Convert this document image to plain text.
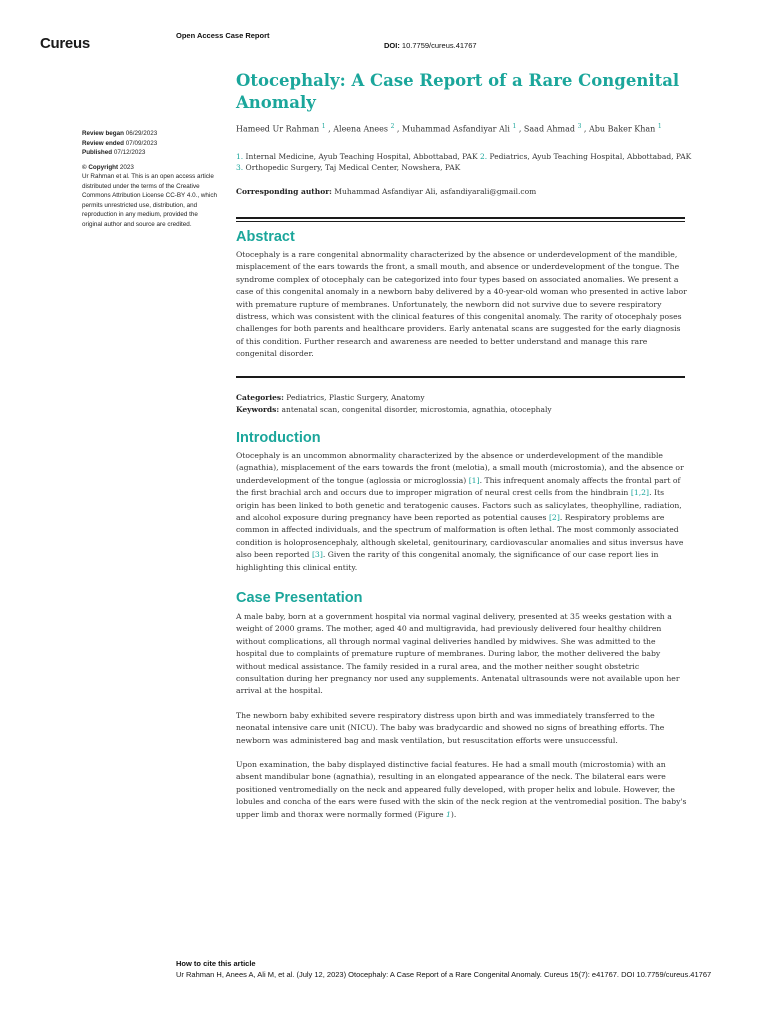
Cureus	Open Access Case Report
DOI: 10.7759/cureus.41767
Otocephaly: A Case Report of a Rare Congenital Anomaly
Hameed Ur Rahman $^1$ , Aleena Anees $^2$ , Muhammad Asfandiyar Ali $^1$ , Saad Ahmad $^3$ , Abu Baker Khan $^1$
1. Internal Medicine, Ayub Teaching Hospital, Abbottabad, PAK 2. Pediatrics, Ayub Teaching Hospital, Abbottabad, PAK
3. Orthopedic Surgery, Taj Medical Center, Nowshera, PAK
Corresponding author: Muhammad Asfandiyar Ali, asfandiyarali@gmail.com
Review began 06/29/2023
Review ended 07/09/2023
Published 07/12/2023
© Copyright 2023
Ur Rahman et al. This is an open access article distributed under the terms of the Creative Commons Attribution License CC-BY 4.0., which permits unrestricted use, distribution, and reproduction in any medium, provided the original author and source are credited.
Abstract

Otocephaly is a rare congenital abnormality characterized by the absence or underdevelopment of the mandible, misplacement of the ears towards the front, a small mouth, and absence or underdevelopment of the tongue. The syndrome complex of otocephaly can be categorized into four types based on associated anomalies. We present a case of this congenital anomaly in a newborn baby delivered by a 40-year-old woman who presented in active labor with premature rupture of membranes. Unfortunately, the newborn did not survive due to severe respiratory distress, which was consistent with the clinical features of this congenital anomaly. The rarity of otocephaly poses challenges for both parents and healthcare providers. Early antenatal scans are suggested for the early diagnosis of this condition. Further research and awareness are needed to better understand and manage this rare congenital disorder.

Categories: Pediatrics, Plastic Surgery, Anatomy
Keywords: antenatal scan, congenital disorder, microstomia, agnathia, otocephaly
Introduction

Otocephaly is an uncommon abnormality characterized by the absence or underdevelopment of the mandible (agnathia), misplacement of the ears towards the front (melotia), a small mouth (microstomia), and the absence or underdevelopment of the tongue (aglossia or microglossia) [1]. This infrequent anomaly affects the frontal part of the first brachial arch and occurs due to improper migration of neural crest cells from the hindbrain [1,2]. Its origin has been linked to both genetic and teratogenic causes. Factors such as salicylates, theophylline, radiation, and alcohol exposure during pregnancy have been reported as potential causes [2]. Respiratory problems are common in affected individuals, and the spectrum of malformation is often lethal. The most commonly associated condition is holoprosencephaly, although skeletal, genitourinary, cardiovascular anomalies and situs inversus have also been reported [3]. Given the rarity of this congenital anomaly, the significance of our case report lies in highlighting this clinical entity.

Case Presentation

A male baby, born at a government hospital via normal vaginal delivery, presented at 35 weeks gestation with a weight of 2000 grams. The mother, aged 40 and multigravida, had previously delivered four healthy children without complications, all through normal vaginal deliveries handled by midwives. She was admitted to the hospital due to complaints of premature rupture of membranes. During labor, the mother delivered the baby without medical assistance. The family resided in a rural area, and the mother neither sought obstetric consultation during her pregnancy nor used any supplements. Antenatal ultrasounds were not available upon her arrival at the hospital.

The newborn baby exhibited severe respiratory distress upon birth and was immediately transferred to the neonatal intensive care unit (NICU). The baby was bradycardic and showed no signs of breathing efforts. The newborn was administered bag and mask ventilation, but resuscitation efforts were unsuccessful.

Upon examination, the baby displayed distinctive facial features. He had a small mouth (microstomia) with an absent mandibular bone (agnathia), resulting in an elongated appearance of the neck. The bilateral ears were positioned ventromedially on the neck and appeared fully developed, with proper helix and lobule. However, the lobules and concha of the ears were fused with the skin of the neck region at the ventromedial position. The baby's upper limb and thorax were normally formed (Figure 1).

How to cite this article
Ur Rahman H, Anees A, Ali M, et al. (July 12, 2023) Otocephaly: A Case Report of a Rare Congenital Anomaly. Cureus 15(7): e41767. DOI 10.7759/cureus.41767
